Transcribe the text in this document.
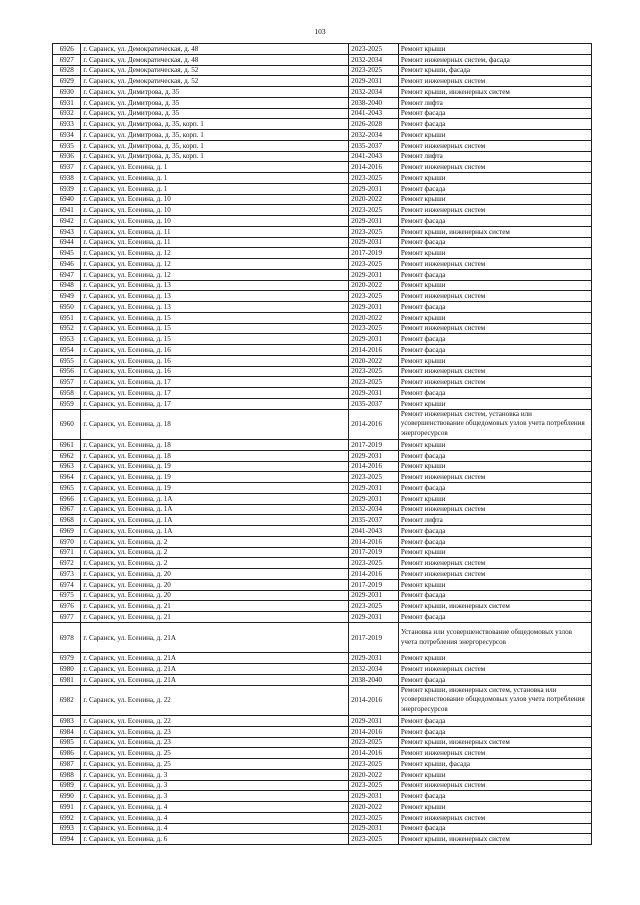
103
6926	г. Саранск, ул. Демократическая, д. 48	2023-2025	Ремонт крыши
6927	г. Саранск, ул. Демократическая, д. 48	2032-2034	Ремонт инженерных систем, фасада
6928	г. Саранск, ул. Демократическая, д. 52	2023-2025	Ремонт крыши, фасада
6929	г. Саранск, ул. Демократическая, д. 52	2029-2031	Ремонт инженерных систем
6930	г. Саранск, ул. Димитрова, д. 35	2032-2034	Ремонт крыши, инженерных систем
6931	г. Саранск, ул. Димитрова, д. 35	2038-2040	Ремонт лифта
6932	г. Саранск, ул. Димитрова, д. 35	2041-2043	Ремонт фасада
6933	г. Саранск, ул. Димитрова, д. 35, корп. 1	2026-2028	Ремонт фасада
6934	г. Саранск, ул. Димитрова, д. 35, корп. 1	2032-2034	Ремонт крыши
6935	г. Саранск, ул. Димитрова, д. 35, корп. 1	2035-2037	Ремонт инженерных систем
6936	г. Саранск, ул. Димитрова, д. 35, корп. 1	2041-2043	Ремонт лифта
6937	г. Саранск, ул. Есенина, д. 1	2014-2016	Ремонт инженерных систем
6938	г. Саранск, ул. Есенина, д. 1	2023-2025	Ремонт крыши
6939	г. Саранск, ул. Есенина, д. 1	2029-2031	Ремонт фасада
6940	г. Саранск, ул. Есенина, д. 10	2020-2022	Ремонт крыши
6941	г. Саранск, ул. Есенина, д. 10	2023-2025	Ремонт инженерных систем
6942	г. Саранск, ул. Есенина, д. 10	2029-2031	Ремонт фасада
6943	г. Саранск, ул. Есенина, д. 11	2023-2025	Ремонт крыши, инженерных систем
6944	г. Саранск, ул. Есенина, д. 11	2029-2031	Ремонт фасада
6945	г. Саранск, ул. Есенина, д. 12	2017-2019	Ремонт крыши
6946	г. Саранск, ул. Есенина, д. 12	2023-2025	Ремонт инженерных систем
6947	г. Саранск, ул. Есенина, д. 12	2029-2031	Ремонт фасада
6948	г. Саранск, ул. Есенина, д. 13	2020-2022	Ремонт крыши
6949	г. Саранск, ул. Есенина, д. 13	2023-2025	Ремонт инженерных систем
6950	г. Саранск, ул. Есенина, д. 13	2029-2031	Ремонт фасада
6951	г. Саранск, ул. Есенина, д. 15	2020-2022	Ремонт крыши
6952	г. Саранск, ул. Есенина, д. 15	2023-2025	Ремонт инженерных систем
6953	г. Саранск, ул. Есенина, д. 15	2029-2031	Ремонт фасада
6954	г. Саранск, ул. Есенина, д. 16	2014-2016	Ремонт фасада
6955	г. Саранск, ул. Есенина, д. 16	2020-2022	Ремонт крыши
6956	г. Саранск, ул. Есенина, д. 16	2023-2025	Ремонт инженерных систем
6957	г. Саранск, ул. Есенина, д. 17	2023-2025	Ремонт инженерных систем
6958	г. Саранск, ул. Есенина, д. 17	2029-2031	Ремонт фасада
6959	г. Саранск, ул. Есенина, д. 17	2035-2037	Ремонт крыши
6960	г. Саранск, ул. Есенина, д. 18	2014-2016	Ремонт инженерных систем, установка или усовершенствование общедомовых узлов учета потребления энергоресурсов
6961	г. Саранск, ул. Есенина, д. 18	2017-2019	Ремонт крыши
6962	г. Саранск, ул. Есенина, д. 18	2029-2031	Ремонт фасада
6963	г. Саранск, ул. Есенина, д. 19	2014-2016	Ремонт крыши
6964	г. Саранск, ул. Есенина, д. 19	2023-2025	Ремонт инженерных систем
6965	г. Саранск, ул. Есенина, д. 19	2029-2031	Ремонт фасада
6966	г. Саранск, ул. Есенина, д. 1А	2029-2031	Ремонт крыши
6967	г. Саранск, ул. Есенина, д. 1А	2032-2034	Ремонт инженерных систем
6968	г. Саранск, ул. Есенина, д. 1А	2035-2037	Ремонт лифта
6969	г. Саранск, ул. Есенина, д. 1А	2041-2043	Ремонт фасада
6970	г. Саранск, ул. Есенина, д. 2	2014-2016	Ремонт фасада
6971	г. Саранск, ул. Есенина, д. 2	2017-2019	Ремонт крыши
6972	г. Саранск, ул. Есенина, д. 2	2023-2025	Ремонт инженерных систем
6973	г. Саранск, ул. Есенина, д. 20	2014-2016	Ремонт инженерных систем
6974	г. Саранск, ул. Есенина, д. 20	2017-2019	Ремонт крыши
6975	г. Саранск, ул. Есенина, д. 20	2029-2031	Ремонт фасада
6976	г. Саранск, ул. Есенина, д. 21	2023-2025	Ремонт крыши, инженерных систем
6977	г. Саранск, ул. Есенина, д. 21	2029-2031	Ремонт фасада
6978	г. Саранск, ул. Есенина, д. 21А	2017-2019	Установка или усовершенствование общедомовых узлов учета потребления энергоресурсов
6979	г. Саранск, ул. Есенина, д. 21А	2029-2031	Ремонт крыши
6980	г. Саранск, ул. Есенина, д. 21А	2032-2034	Ремонт инженерных систем
6981	г. Саранск, ул. Есенина, д. 21А	2038-2040	Ремонт фасада
6982	г. Саранск, ул. Есенина, д. 22	2014-2016	Ремонт крыши, инженерных систем, установка или усовершенствование общедомовых узлов учета потребления энергоресурсов
6983	г. Саранск, ул. Есенина, д. 22	2029-2031	Ремонт фасада
6984	г. Саранск, ул. Есенина, д. 23	2014-2016	Ремонт фасада
6985	г. Саранск, ул. Есенина, д. 23	2023-2025	Ремонт крыши, инженерных систем
6986	г. Саранск, ул. Есенина, д. 25	2014-2016	Ремонт инженерных систем
6987	г. Саранск, ул. Есенина, д. 25	2023-2025	Ремонт крыши, фасада
6988	г. Саранск, ул. Есенина, д. 3	2020-2022	Ремонт крыши
6989	г. Саранск, ул. Есенина, д. 3	2023-2025	Ремонт инженерных систем
6990	г. Саранск, ул. Есенина, д. 3	2029-2031	Ремонт фасада
6991	г. Саранск, ул. Есенина, д. 4	2020-2022	Ремонт крыши
6992	г. Саранск, ул. Есенина, д. 4	2023-2025	Ремонт инженерных систем
6993	г. Саранск, ул. Есенина, д. 4	2029-2031	Ремонт фасада
6994	г. Саранск, ул. Есенина, д. 6	2023-2025	Ремонт крыши, инженерных систем
